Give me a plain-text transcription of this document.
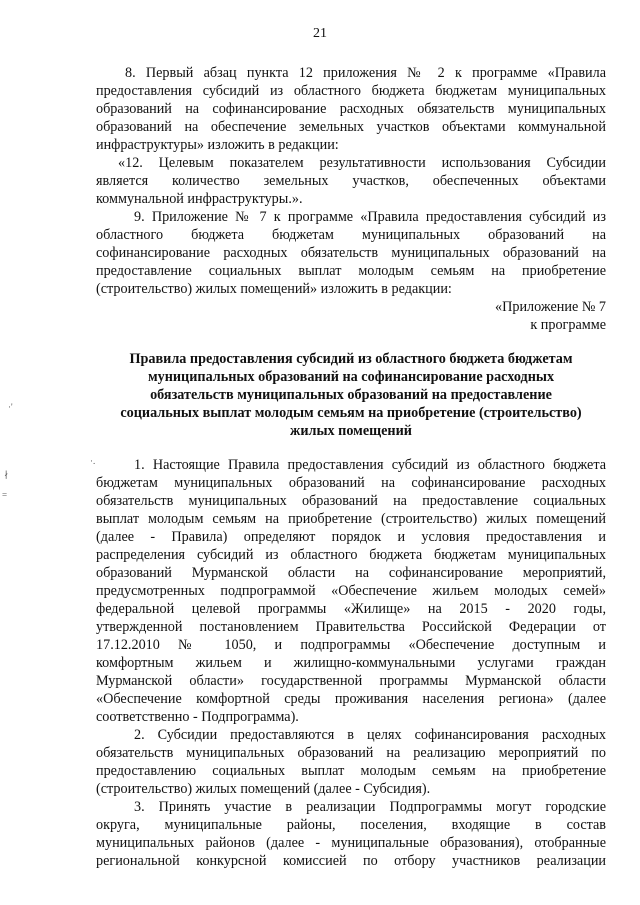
21
8. Первый абзац пункта 12 приложения № 2 к программе «Правила
предоставления субсидий из областного бюджета бюджетам муниципальных
образований на софинансирование расходных обязательств муниципальных
образований на обеспечение земельных участков объектами коммунальной
инфраструктуры» изложить в редакции:
«12. Целевым показателем результативности использования Субсидии
является количество земельных участков, обеспеченных объектами
коммунальной инфраструктуры.».
9. Приложение № 7 к программе «Правила предоставления субсидий из
областного бюджета бюджетам муниципальных образований на
софинансирование расходных обязательств муниципальных образований на
предоставление социальных выплат молодым семьям на приобретение
(строительство) жилых помещений» изложить в редакции:
«Приложение № 7
к программе
Правила предоставления субсидий из областного бюджета бюджетам
муниципальных образований на софинансирование расходных
обязательств муниципальных образований на предоставление
социальных выплат молодым семьям на приобретение (строительство)
жилых помещений
1. Настоящие Правила предоставления субсидий из областного бюджета
бюджетам муниципальных образований на софинансирование расходных
обязательств муниципальных образований на предоставление социальных
выплат молодым семьям на приобретение (строительство) жилых помещений
(далее - Правила) определяют порядок и условия предоставления и
распределения субсидий из областного бюджета бюджетам муниципальных
образований Мурманской области на софинансирование мероприятий,
предусмотренных подпрограммой «Обеспечение жильем молодых семей»
федеральной целевой программы «Жилище» на 2015 - 2020 годы,
утвержденной постановлением Правительства Российской Федерации от
17.12.2010 № 1050, и подпрограммы «Обеспечение доступным и
комфортным жильем и жилищно-коммунальными услугами граждан
Мурманской области» государственной программы Мурманской области
«Обеспечение комфортной среды проживания населения региона» (далее
соответственно - Подпрограмма).
2. Субсидии предоставляются в целях софинансирования расходных
обязательств муниципальных образований на реализацию мероприятий по
предоставлению социальных выплат молодым семьям на приобретение
(строительство) жилых помещений (далее - Субсидия).
3. Принять участие в реализации Подпрограммы могут городские
округа, муниципальные районы, поселения, входящие в состав
муниципальных районов (далее - муниципальные образования), отобранные
региональной конкурсной комиссией по отбору участников реализации
·'
∤
=
·.
